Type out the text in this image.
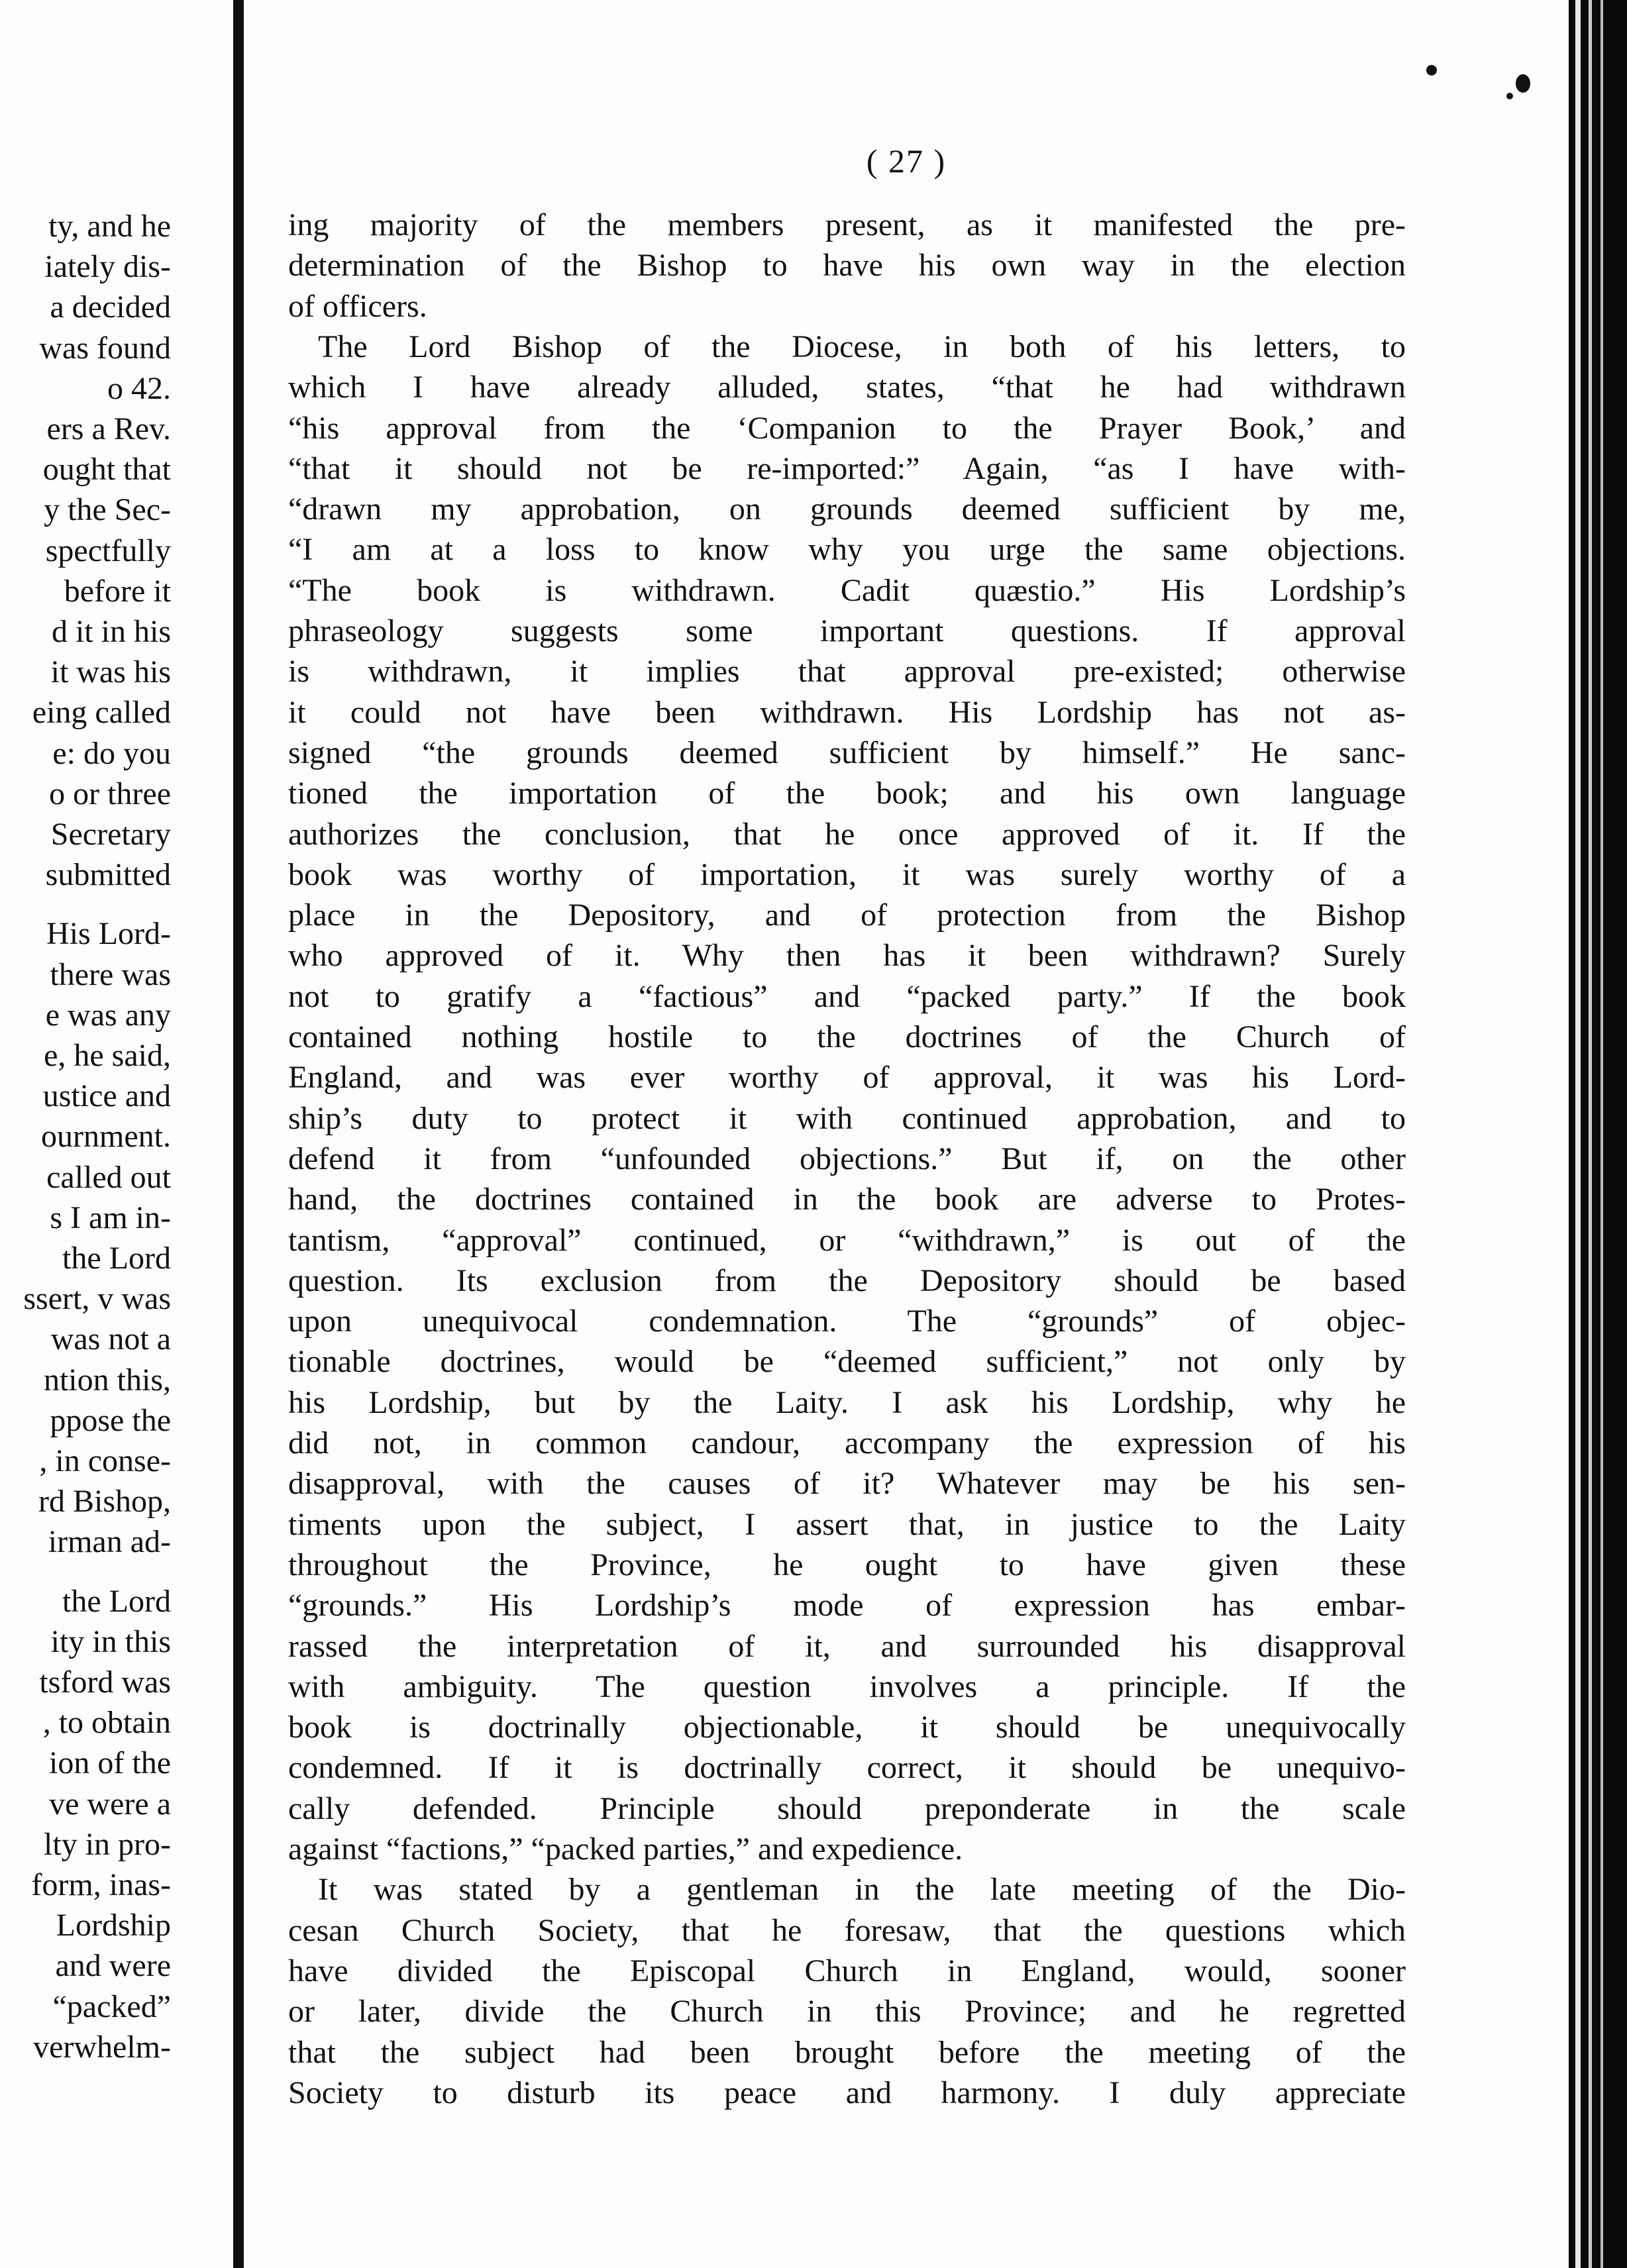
ty, and he

iately dis-

a decided

was found

o 42.

ers a Rev.

ought that

y the Sec-

spectfully

before it

d it in his

it was his

eing called

e: do you

o or three

Secretary

submitted

His Lord-

there was

e was any

e, he said,

ustice and

ournment.

called out

s I am in-

the Lord

ssert, v was

was not a

ntion this,

ppose the

, in conse-

rd Bishop,

irman ad-

the Lord

ity in this

tsford was

, to obtain

ion of the

ve were a

lty in pro-

form, inas-

Lordship

and were

“packed”

verwhelm-

( 27 )

ing majority of the members present, as it manifested the pre-

determination of the Bishop to have his own way in the election

of officers.

The Lord Bishop of the Diocese, in both of his letters, to

which I have already alluded, states, “that he had withdrawn

“his approval from the ‘Companion to the Prayer Book,’ and

“that it should not be re-imported:” Again, “as I have with-

“drawn my approbation, on grounds deemed sufficient by me,

“I am at a loss to know why you urge the same objections.

“The book is withdrawn. Cadit quæstio.” His Lordship’s

phraseology suggests some important questions. If approval

is withdrawn, it implies that approval pre-existed; otherwise

it could not have been withdrawn. His Lordship has not as-

signed “the grounds deemed sufficient by himself.” He sanc-

tioned the importation of the book; and his own language

authorizes the conclusion, that he once approved of it. If the

book was worthy of importation, it was surely worthy of a

place in the Depository, and of protection from the Bishop

who approved of it. Why then has it been withdrawn? Surely

not to gratify a “factious” and “packed party.” If the book

contained nothing hostile to the doctrines of the Church of

England, and was ever worthy of approval, it was his Lord-

ship’s duty to protect it with continued approbation, and to

defend it from “unfounded objections.” But if, on the other

hand, the doctrines contained in the book are adverse to Protes-

tantism, “approval” continued, or “withdrawn,” is out of the

question. Its exclusion from the Depository should be based

upon unequivocal condemnation. The “grounds” of objec-

tionable doctrines, would be “deemed sufficient,” not only by

his Lordship, but by the Laity. I ask his Lordship, why he

did not, in common candour, accompany the expression of his

disapproval, with the causes of it? Whatever may be his sen-

timents upon the subject, I assert that, in justice to the Laity

throughout the Province, he ought to have given these

“grounds.” His Lordship’s mode of expression has embar-

rassed the interpretation of it, and surrounded his disapproval

with ambiguity. The question involves a principle. If the

book is doctrinally objectionable, it should be unequivocally

condemned. If it is doctrinally correct, it should be unequivo-

cally defended. Principle should preponderate in the scale

against “factions,” “packed parties,” and expedience.

It was stated by a gentleman in the late meeting of the Dio-

cesan Church Society, that he foresaw, that the questions which

have divided the Episcopal Church in England, would, sooner

or later, divide the Church in this Province; and he regretted

that the subject had been brought before the meeting of the

Society to disturb its peace and harmony. I duly appreciate
